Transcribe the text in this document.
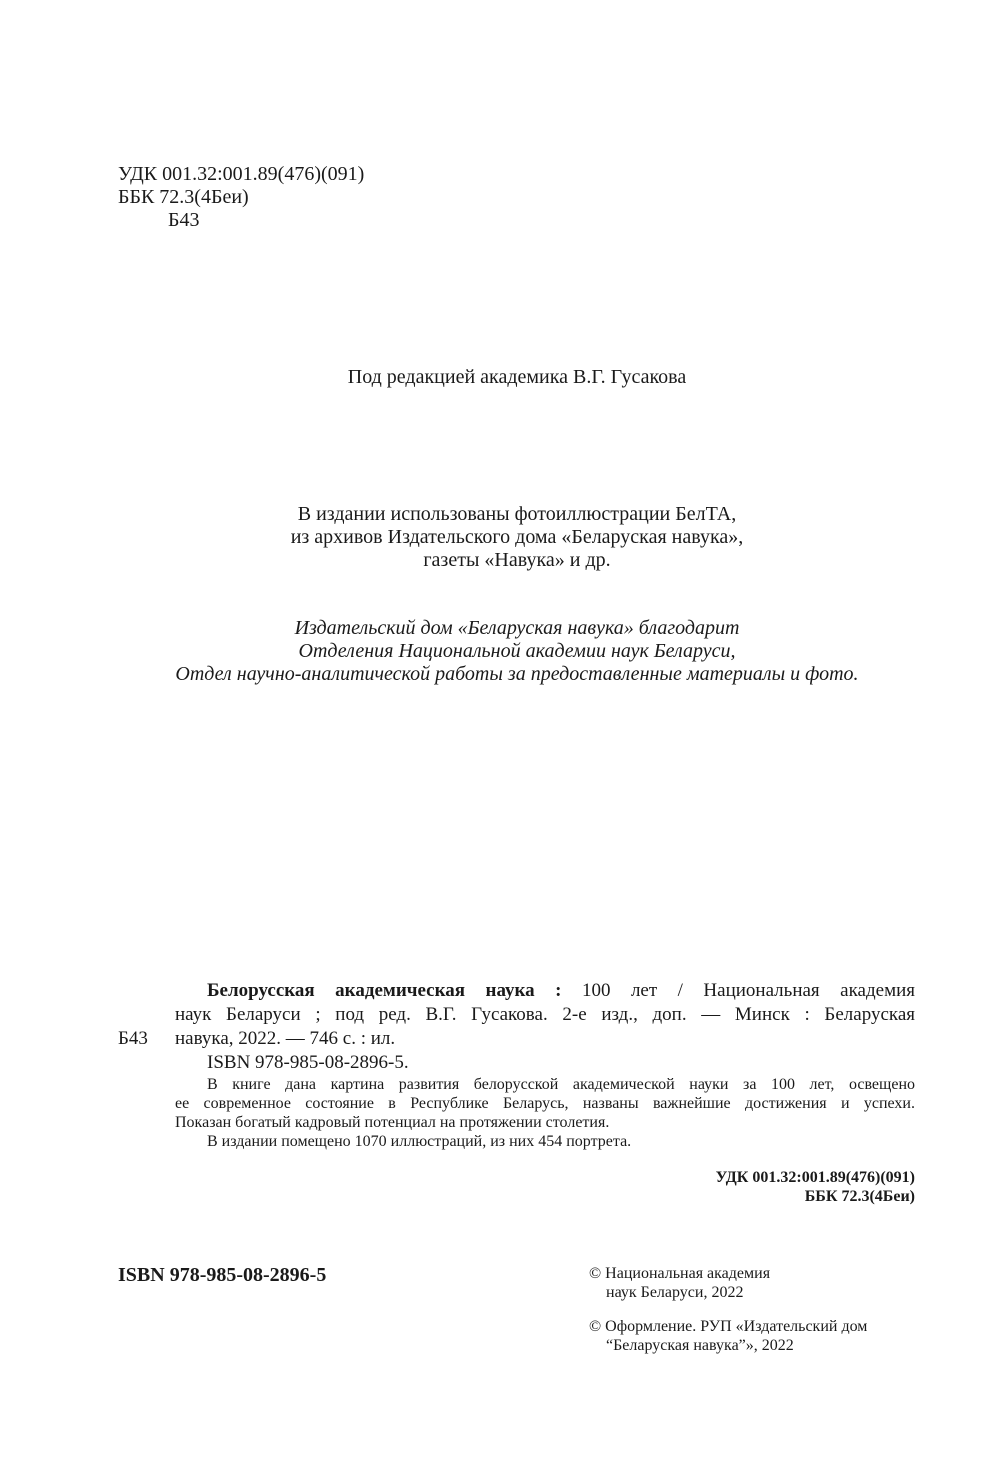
УДК 001.32:001.89(476)(091)
ББК 72.3(4Беи)
Б43
Под редакцией академика В.Г. Гусакова
В издании использованы фотоиллюстрации БелТА,
из архивов Издательского дома «Беларуская навука»,
газеты «Навука» и др.
Издательский дом «Беларуская навука» благодарит
Отделения Национальной академии наук Беларуси,
Отдел научно-аналитической работы за предоставленные материалы и фото.
Б43
Белорусская академическая наука : 100 лет / Национальная академия
наук Беларуси ; под ред. В.Г. Гусакова. 2-е изд., доп. — Минск : Беларуская
навука, 2022. — 746 с. : ил.
ISBN 978-985-08-2896-5.
В книге дана картина развития белорусской академической науки за 100 лет, освещено
ее современное состояние в Республике Беларусь, названы важнейшие достижения и успехи.
Показан богатый кадровый потенциал на протяжении столетия.
В издании помещено 1070 иллюстраций, из них 454 портрета.
УДК 001.32:001.89(476)(091)
ББК 72.3(4Беи)
ISBN 978-985-08-2896-5	© Национальная академия
наук Беларуси, 2022
© Оформление. РУП «Издательский дом
“Беларуская навука”», 2022
